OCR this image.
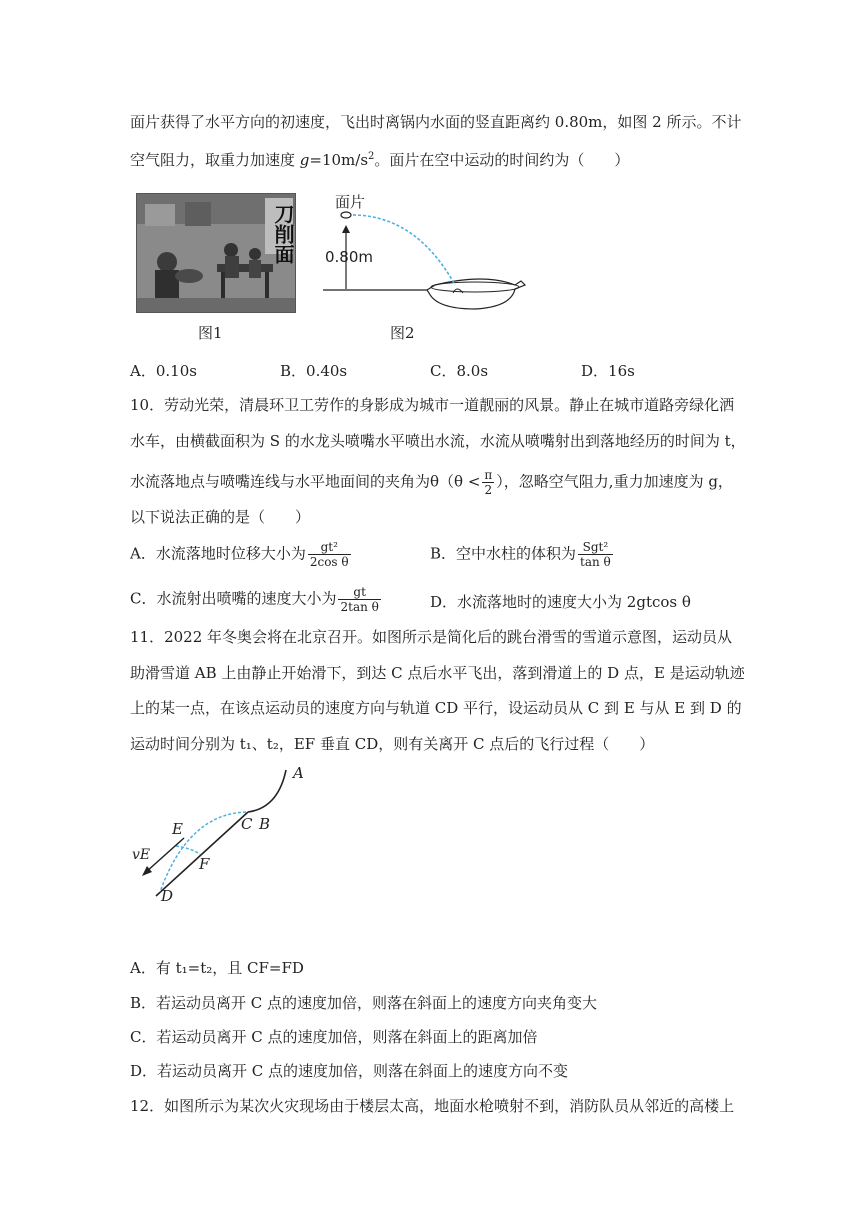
面片获得了水平方向的初速度，飞出时离锅内水面的竖直距离约 0.80m，如图 2 所示。不计
空气阻力，取重力加速度 $g=10m/s^2$。面片在空中运动的时间约为（　　）
刀削面
图1
面片
0.80m
图2
A．0.10s	B．0.40s	C．8.0s	D．16s
10．劳动光荣，清晨环卫工劳作的身影成为城市一道靓丽的风景。静止在城市道路旁绿化洒
水车，由横截面积为 S 的水龙头喷嘴水平喷出水流，水流从喷嘴射出到落地经历的时间为 t，
水流落地点与喷嘴连线与水平地面间的夹角为$\theta(\theta < \frac{\pi}{2}$ ），忽略空气阻力,重力加速度为 g，
以下说法正确的是（　　）
A．水流落地时位移大小为 $\frac{\text{gt²}}{\text{2cos θ}}$	B．空中水柱的体积为 $\frac{\text{Sgt²}}{\text{tan θ}}$
C．水流射出喷嘴的速度大小为 $\frac{gt}{\text{2tan θ}}$	D．水流落地时的速度大小为 2gtcos θ
11．2022 年冬奥会将在北京召开。如图所示是简化后的跳台滑雪的雪道示意图，运动员从
助滑雪道 AB 上由静止开始滑下，到达 C 点后水平飞出，落到滑道上的 D 点，E 是运动轨迹
上的某一点，在该点运动员的速度方向与轨道 CD 平行，设运动员从 C 到 E 与从 E 到 D 的
运动时间分别为 t₁、t₂，EF 垂直 CD，则有关离开 C 点后的飞行过程（　　）
A
C B
E
F
vE
D
A．有 t₁=t₂，且 CF=FD
B．若运动员离开 C 点的速度加倍，则落在斜面上的速度方向夹角变大
C．若运动员离开 C 点的速度加倍，则落在斜面上的距离加倍
D．若运动员离开 C 点的速度加倍，则落在斜面上的速度方向不变
12．如图所示为某次火灾现场由于楼层太高，地面水枪喷射不到，消防队员从邻近的高楼上
